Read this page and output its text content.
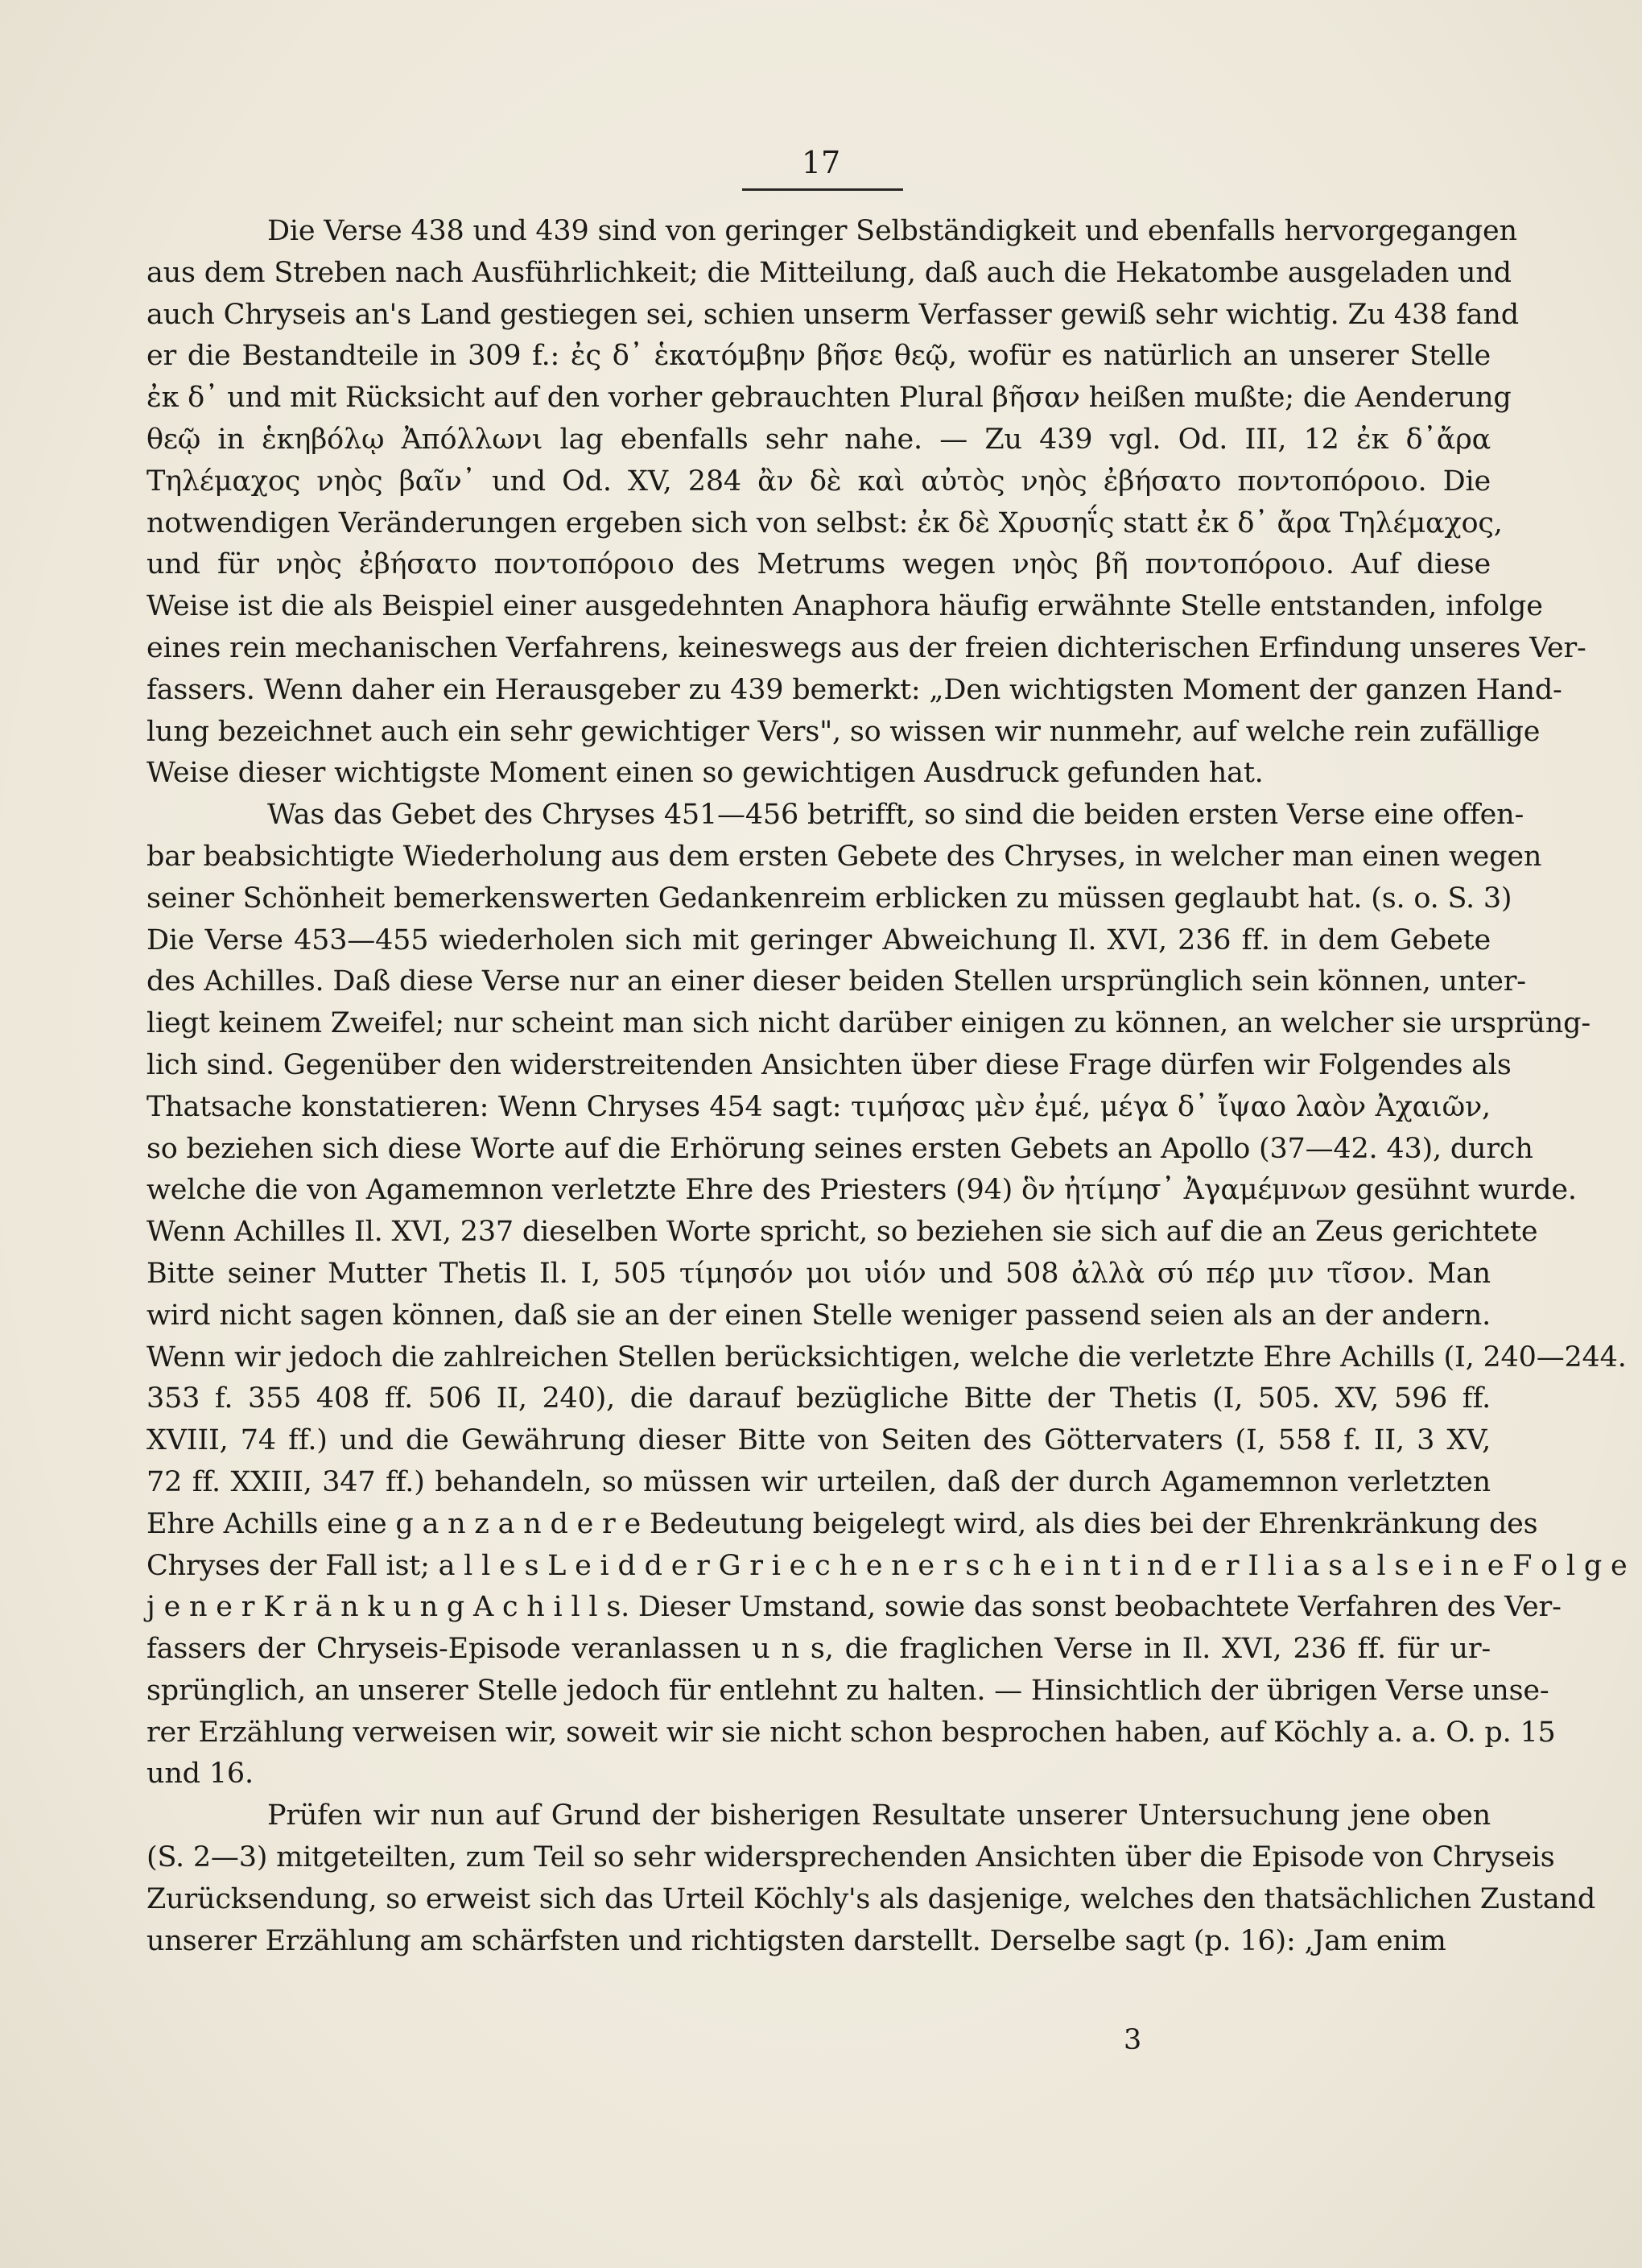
17
Die Verse 438 und 439 sind von geringer Selbständigkeit und ebenfalls hervorgegangen
aus dem Streben nach Ausführlichkeit; die Mitteilung, daß auch die Hekatombe ausgeladen und
auch Chryseis an's Land gestiegen sei, schien unserm Verfasser gewiß sehr wichtig. Zu 438 fand
er die Bestandteile in 309 f.: ἐς δ᾽ ἑκατόμβην βῆσε θεῷ, wofür es natürlich an unserer Stelle
ἐκ δ᾽ und mit Rücksicht auf den vorher gebrauchten Plural βῆσαν heißen mußte; die Aenderung
θεῷ in ἑκηβόλῳ Ἀπόλλωνι lag ebenfalls sehr nahe. — Zu 439 vgl. Od. III, 12 ἐκ δ᾽ἄρα
Τηλέμαχος νηὸς βαῖν᾽ und Od. XV, 284 ἂν δὲ καὶ αὐτὸς νηὸς ἐβήσατο ποντοπόροιο. Die
notwendigen Veränderungen ergeben sich von selbst: ἐκ δὲ Χρυσηΐς statt ἐκ δ᾽ ἄρα Τηλέμαχος,
und für νηὸς ἐβήσατο ποντοπόροιο des Metrums wegen νηὸς βῆ ποντοπόροιο. Auf diese
Weise ist die als Beispiel einer ausgedehnten Anaphora häufig erwähnte Stelle entstanden, infolge
eines rein mechanischen Verfahrens, keineswegs aus der freien dichterischen Erfindung unseres Ver-
fassers. Wenn daher ein Herausgeber zu 439 bemerkt: „Den wichtigsten Moment der ganzen Hand-
lung bezeichnet auch ein sehr gewichtiger Vers", so wissen wir nunmehr, auf welche rein zufällige
Weise dieser wichtigste Moment einen so gewichtigen Ausdruck gefunden hat.
Was das Gebet des Chryses 451—456 betrifft, so sind die beiden ersten Verse eine offen-
bar beabsichtigte Wiederholung aus dem ersten Gebete des Chryses, in welcher man einen wegen
seiner Schönheit bemerkenswerten Gedankenreim erblicken zu müssen geglaubt hat. (s. o. S. 3)
Die Verse 453—455 wiederholen sich mit geringer Abweichung Il. XVI, 236 ff. in dem Gebete
des Achilles. Daß diese Verse nur an einer dieser beiden Stellen ursprünglich sein können, unter-
liegt keinem Zweifel; nur scheint man sich nicht darüber einigen zu können, an welcher sie ursprüng-
lich sind. Gegenüber den widerstreitenden Ansichten über diese Frage dürfen wir Folgendes als
Thatsache konstatieren: Wenn Chryses 454 sagt: τιμήσας μὲν ἐμέ, μέγα δ᾽ ἴψαο λαὸν Ἀχαιῶν,
so beziehen sich diese Worte auf die Erhörung seines ersten Gebets an Apollo (37—42. 43), durch
welche die von Agamemnon verletzte Ehre des Priesters (94) ὃν ἠτίμησ᾽ Ἀγαμέμνων gesühnt wurde.
Wenn Achilles Il. XVI, 237 dieselben Worte spricht, so beziehen sie sich auf die an Zeus gerichtete
Bitte seiner Mutter Thetis Il. I, 505 τίμησόν μοι υἱόν und 508 ἀλλὰ σύ πέρ μιν τῖσον. Man
wird nicht sagen können, daß sie an der einen Stelle weniger passend seien als an der andern.
Wenn wir jedoch die zahlreichen Stellen berücksichtigen, welche die verletzte Ehre Achills (I, 240—244.
353 f. 355 408 ff. 506 II, 240), die darauf bezügliche Bitte der Thetis (I, 505. XV, 596 ff.
XVIII, 74 ff.) und die Gewährung dieser Bitte von Seiten des Göttervaters (I, 558 f. II, 3 XV,
72 ff. XXIII, 347 ff.) behandeln, so müssen wir urteilen, daß der durch Agamemnon verletzten
Ehre Achills eine g a n z a n d e r e Bedeutung beigelegt wird, als dies bei der Ehrenkränkung des
Chryses der Fall ist; a l l e s L e i d d e r G r i e c h e n e r s c h e i n t i n d e r I l i a s a l s e i n e F o l g e
j e n e r K r ä n k u n g A c h i l l s. Dieser Umstand, sowie das sonst beobachtete Verfahren des Ver-
fassers der Chryseis-Episode veranlassen u n s, die fraglichen Verse in Il. XVI, 236 ff. für ur-
sprünglich, an unserer Stelle jedoch für entlehnt zu halten. — Hinsichtlich der übrigen Verse unse-
rer Erzählung verweisen wir, soweit wir sie nicht schon besprochen haben, auf Köchly a. a. O. p. 15
und 16.
Prüfen wir nun auf Grund der bisherigen Resultate unserer Untersuchung jene oben
(S. 2—3) mitgeteilten, zum Teil so sehr widersprechenden Ansichten über die Episode von Chryseis
Zurücksendung, so erweist sich das Urteil Köchly's als dasjenige, welches den thatsächlichen Zustand
unserer Erzählung am schärfsten und richtigsten darstellt. Derselbe sagt (p. 16): ‚Jam enim
3
